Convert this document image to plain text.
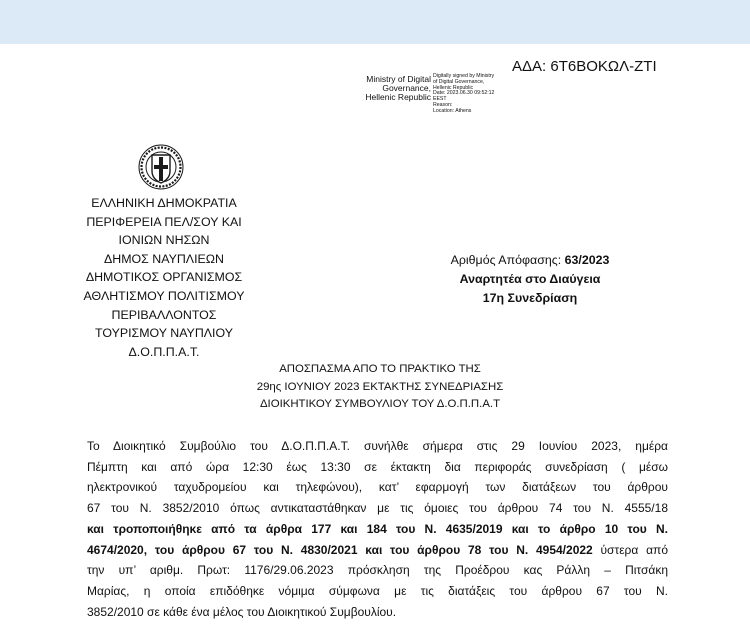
ΑΔΑ: 6Τ6ΒΟΚΩΛ-ΖΤΙ
Ministry of Digital
Governance,
Hellenic Republic
Digitally signed by Ministry
of Digital Governance,
Hellenic Republic
Date: 2023.06.30 09:52:12
EEST
Reason:
Location: Athens
ΕΛΛΗΝΙΚΗ ΔΗΜΟΚΡΑΤΙΑ
ΠΕΡΙΦΕΡΕΙΑ ΠΕΛ/ΣΟΥ ΚΑΙ
ΙΟΝΙΩΝ ΝΗΣΩΝ
ΔΗΜΟΣ ΝΑΥΠΛΙΕΩΝ
ΔΗΜΟΤΙΚΟΣ ΟΡΓΑΝΙΣΜΟΣ
ΑΘΛΗΤΙΣΜΟΥ ΠΟΛΙΤΙΣΜΟΥ
ΠΕΡΙΒΑΛΛΟΝΤΟΣ
ΤΟΥΡΙΣΜΟΥ ΝΑΥΠΛΙΟΥ
Δ.Ο.Π.Π.Α.Τ.
Αριθμός Απόφασης: 63/2023
Αναρτητέα στο Διαύγεια
17η Συνεδρίαση
ΑΠΟΣΠΑΣΜΑ ΑΠΟ ΤΟ ΠΡΑΚΤΙΚΟ ΤΗΣ
29ης ΙΟΥΝΙΟΥ 2023 ΕΚΤΑΚΤΗΣ ΣΥΝΕΔΡΙΑΣΗΣ
ΔΙΟΙΚΗΤΙΚΟΥ ΣΥΜΒΟΥΛΙΟΥ ΤΟΥ Δ.Ο.Π.Π.Α.Τ
Το Διοικητικό Συμβούλιο του Δ.Ο.Π.Π.Α.Τ. συνήλθε σήμερα στις 29 Ιουνίου 2023, ημέρα
Πέμπτη και από ώρα 12:30 έως 13:30 σε έκτακτη δια περιφοράς συνεδρίαση ( μέσω
ηλεκτρονικού ταχυδρομείου και τηλεφώνου), κατ’ εφαρμογή των διατάξεων του άρθρου
67 του Ν. 3852/2010 όπως αντικαταστάθηκαν με τις όμοιες του άρθρου 74 του Ν. 4555/18
και τροποποιήθηκε από τα άρθρα 177 και 184 του Ν. 4635/2019 και το άρθρο 10 του Ν.
4674/2020, του άρθρου 67 του Ν. 4830/2021 και του άρθρου 78 του Ν. 4954/2022 ύστερα από
την υπ’ αριθμ. Πρωτ: 1176/29.06.2023 πρόσκληση της Προέδρου κας Ράλλη – Πιτσάκη
Μαρίας, η οποία επιδόθηκε νόμιμα σύμφωνα με τις διατάξεις του άρθρου 67 του Ν.
3852/2010 σε κάθε ένα μέλος του Διοικητικού Συμβουλίου.
